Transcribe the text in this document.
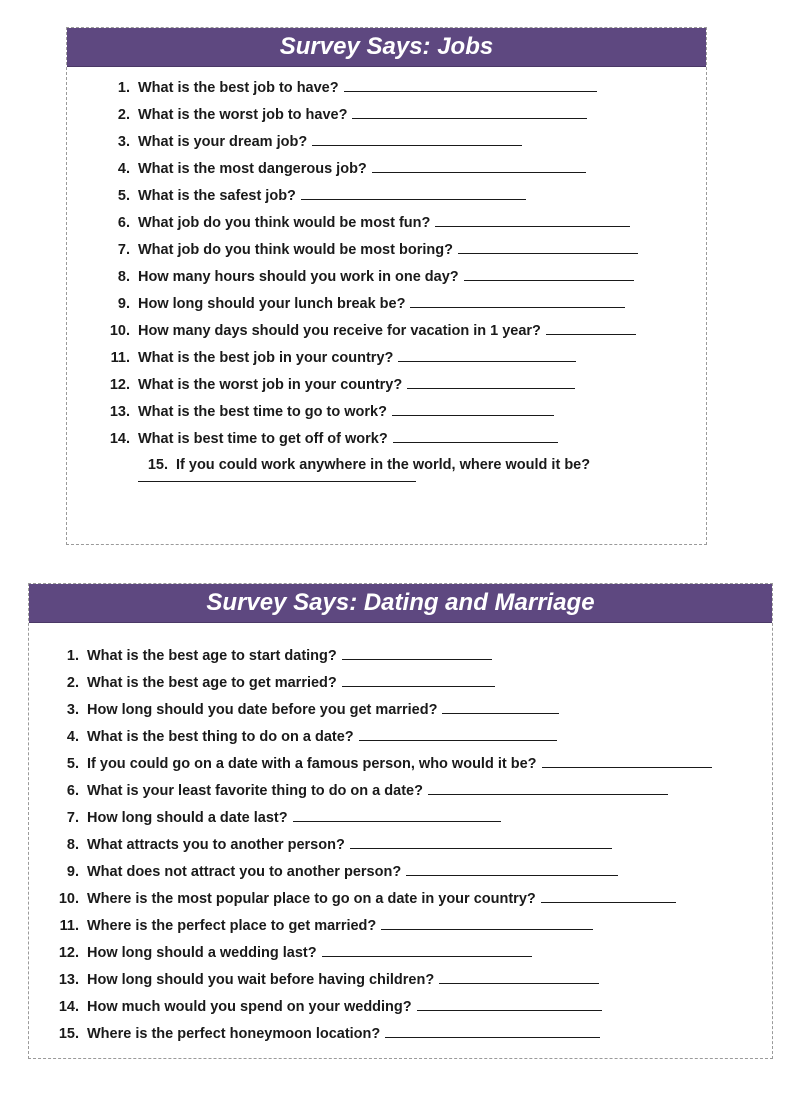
Survey Says: Jobs
1. What is the best job to have?
2. What is the worst job to have?
3. What is your dream job?
4. What is the most dangerous job?
5. What is the safest job?
6. What job do you think would be most fun?
7. What job do you think would be most boring?
8. How many hours should you work in one day?
9. How long should your lunch break be?
10. How many days should you receive for vacation in 1 year?
11. What is the best job in your country?
12. What is the worst job in your country?
13. What is the best time to go to work?
14. What is best time to get off of work?
15. If you could work anywhere in the world, where would it be?
Survey Says: Dating and Marriage
1. What is the best age to start dating?
2. What is the best age to get married?
3. How long should you date before you get married?
4. What is the best thing to do on a date?
5. If you could go on a date with a famous person, who would it be?
6. What is your least favorite thing to do on a date?
7. How long should a date last?
8. What attracts you to another person?
9. What does not attract you to another person?
10. Where is the most popular place to go on a date in your country?
11. Where is the perfect place to get married?
12. How long should a wedding last?
13. How long should you wait before having children?
14. How much would you spend on your wedding?
15. Where is the perfect honeymoon location?
